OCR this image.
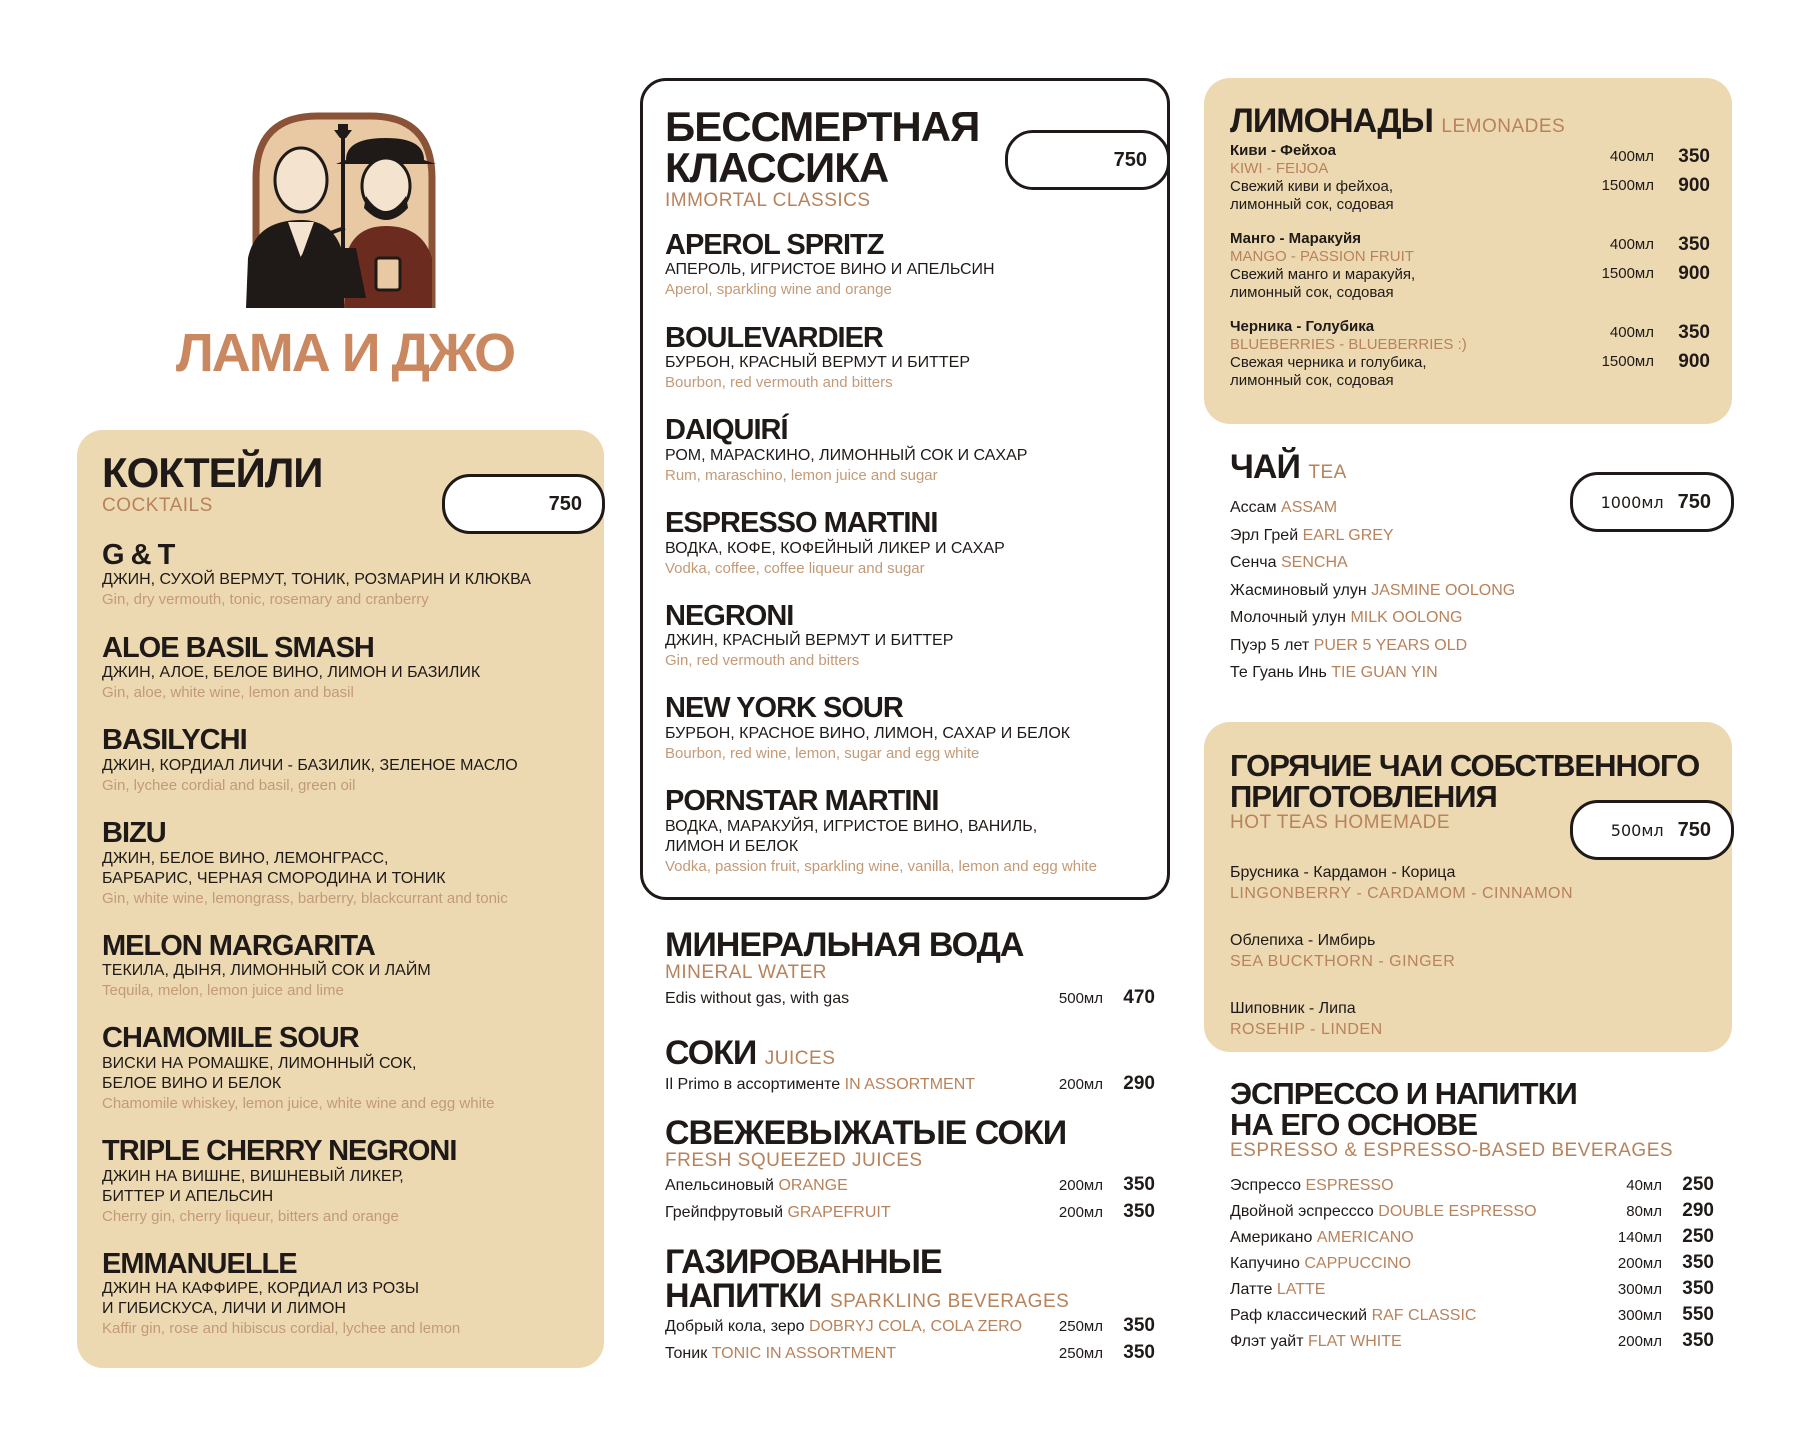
ЛАМА И ДЖО
КОКТЕЙЛИ
COCKTAILS	750
G & T
ДЖИН, СУХОЙ ВЕРМУТ, ТОНИК, РОЗМАРИН И КЛЮКВА
Gin, dry vermouth, tonic, rosemary and cranberry
ALOE BASIL SMASH
ДЖИН, АЛОЕ, БЕЛОЕ ВИНО, ЛИМОН И БАЗИЛИК
Gin, aloe, white wine, lemon and basil
BASILYCHI
ДЖИН, КОРДИАЛ ЛИЧИ - БАЗИЛИК, ЗЕЛЕНОЕ МАСЛО
Gin, lychee cordial and basil, green oil
BIZU
ДЖИН, БЕЛОЕ ВИНО, ЛЕМОНГРАСС,
БАРБАРИС, ЧЕРНАЯ СМОРОДИНА И ТОНИК
Gin, white wine, lemongrass, barberry, blackcurrant and tonic
MELON MARGARITA
ТЕКИЛА, ДЫНЯ, ЛИМОННЫЙ СОК И ЛАЙМ
Tequila, melon, lemon juice and lime
CHAMOMILE SOUR
ВИСКИ НА РОМАШКЕ, ЛИМОННЫЙ СОК,
БЕЛОЕ ВИНО И БЕЛОК
Chamomile whiskey, lemon juice, white wine and egg white
TRIPLE CHERRY NEGRONI
ДЖИН НА ВИШНЕ, ВИШНЕВЫЙ ЛИКЕР,
БИТТЕР И АПЕЛЬСИН
Cherry gin, cherry liqueur, bitters and orange
EMMANUELLE
ДЖИН НА КАФФИРЕ, КОРДИАЛ ИЗ РОЗЫ
И ГИБИСКУСА, ЛИЧИ И ЛИМОН
Kaffir gin, rose and hibiscus cordial, lychee and lemon
БЕССМЕРТНАЯ
КЛАССИКА
IMMORTAL CLASSICS
750
APEROL SPRITZ
АПЕРОЛЬ, ИГРИСТОЕ ВИНО И АПЕЛЬСИН
Aperol, sparkling wine and orange
BOULEVARDIER
БУРБОН, КРАСНЫЙ ВЕРМУТ И БИТТЕР
Bourbon, red vermouth and bitters
DAIQUIRÍ
РОМ, МАРАСКИНО, ЛИМОННЫЙ СОК И САХАР
Rum, maraschino, lemon juice and sugar
ESPRESSO MARTINI
ВОДКА, КОФЕ, КОФЕЙНЫЙ ЛИКЕР И САХАР
Vodka, coffee, coffee liqueur and sugar
NEGRONI
ДЖИН, КРАСНЫЙ ВЕРМУТ И БИТТЕР
Gin, red vermouth and bitters
NEW YORK SOUR
БУРБОН, КРАСНОЕ ВИНО, ЛИМОН, САХАР И БЕЛОК
Bourbon, red wine, lemon, sugar and egg white
PORNSTAR MARTINI
ВОДКА, МАРАКУЙЯ, ИГРИСТОЕ ВИНО, ВАНИЛЬ,
ЛИМОН И БЕЛОК
Vodka, passion fruit, sparkling wine, vanilla, lemon and egg white
МИНЕРАЛЬНАЯ ВОДА
MINERAL WATER
Edis without gas, with gas	500мл	470
СОКИ JUICES
Il Primo в ассортименте IN ASSORTMENT	200мл	290
СВЕЖЕВЫЖАТЫЕ СОКИ
FRESH SQUEEZED JUICES
Апельсиновый ORANGE	200мл	350
Грейпфрутовый GRAPEFRUIT	200мл	350
ГАЗИРОВАННЫЕ
НАПИТКИ SPARKLING BEVERAGES
Добрый кола, зеро DOBRYJ COLA, COLA ZERO	250мл	350
Тоник TONIC IN ASSORTMENT	250мл	350
ЛИМОНАДЫ LEMONADES
Киви - Фейхоа
KIWI - FEIJOA
Свежий киви и фейхоа,
лимонный сок, содовая
400мл	350
1500мл	900
Манго - Маракуйя
MANGO - PASSION FRUIT
Свежий манго и маракуйя,
лимонный сок, содовая
400мл	350
1500мл	900
Черника - Голубика
BLUEBERRIES - BLUEBERRIES :)
Свежая черника и голубика,
лимонный сок, содовая
400мл	350
1500мл	900
ЧАЙ TEA
1000мл 750
Ассам ASSAM
Эрл Грей EARL GREY
Сенча SENCHA
Жасминовый улун JASMINE OOLONG
Молочный улун MILK OOLONG
Пуэр 5 лет PUER 5 YEARS OLD
Те Гуань Инь TIE GUAN YIN
ГОРЯЧИЕ ЧАИ СОБСТВЕННОГО
ПРИГОТОВЛЕНИЯ
HOT TEAS HOMEMADE	500мл 750
Брусника - Кардамон - Корица
LINGONBERRY - CARDAMOM - CINNAMON
Облепиха - Имбирь
SEA BUCKTHORN - GINGER
Шиповник - Липа
ROSEHIP - LINDEN
ЭСПРЕССО И НАПИТКИ
НА ЕГО ОСНОВЕ
ESPRESSO & ESPRESSO-BASED BEVERAGES
Эспрессо ESPRESSO	40мл	250
Двойной эспресссо DOUBLE ESPRESSO	80мл	290
Американо AMERICANO	140мл	250
Капучино CAPPUCCINO	200мл	350
Латте LATTE	300мл	350
Раф классический RAF CLASSIC	300мл	550
Флэт уайт FLAT WHITE	200мл	350
